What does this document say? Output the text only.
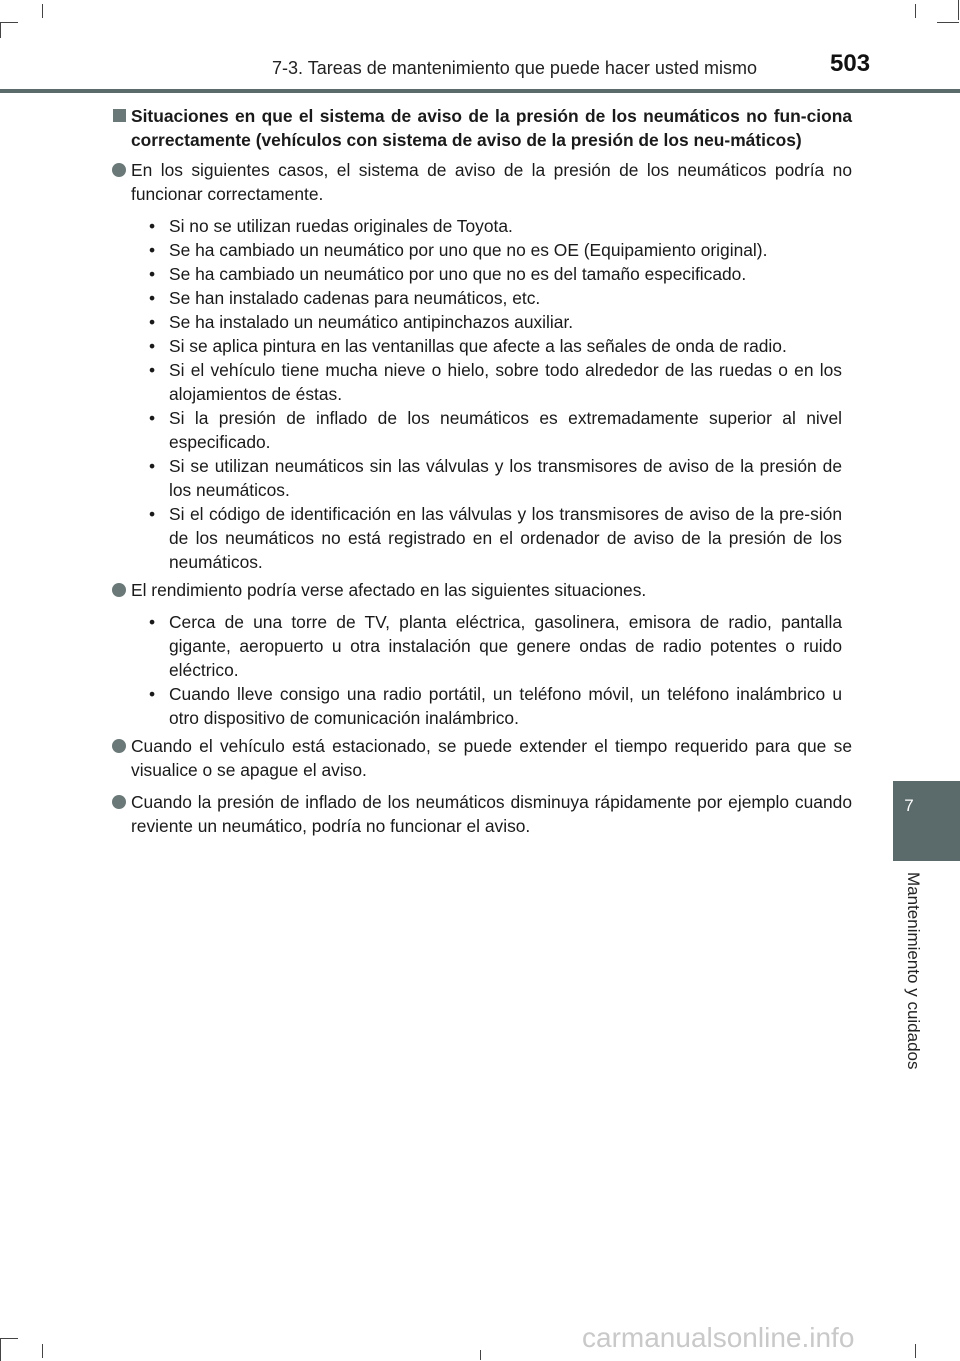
7-3. Tareas de mantenimiento que puede hacer usted mismo	503
7
Mantenimiento y cuidados
Situaciones en que el sistema de aviso de la presión de los neumáticos no fun-ciona correctamente (vehículos con sistema de aviso de la presión de los neu-máticos)
En los siguientes casos, el sistema de aviso de la presión de los neumáticos podría no funcionar correctamente.
• Si no se utilizan ruedas originales de Toyota.
• Se ha cambiado un neumático por uno que no es OE (Equipamiento original).
• Se ha cambiado un neumático por uno que no es del tamaño especificado.
• Se han instalado cadenas para neumáticos, etc.
• Se ha instalado un neumático antipinchazos auxiliar.
• Si se aplica pintura en las ventanillas que afecte a las señales de onda de radio.
• Si el vehículo tiene mucha nieve o hielo, sobre todo alrededor de las ruedas o en los alojamientos de éstas.
• Si la presión de inflado de los neumáticos es extremadamente superior al nivel especificado.
• Si se utilizan neumáticos sin las válvulas y los transmisores de aviso de la presión de los neumáticos.
• Si el código de identificación en las válvulas y los transmisores de aviso de la pre-sión de los neumáticos no está registrado en el ordenador de aviso de la presión de los neumáticos.
El rendimiento podría verse afectado en las siguientes situaciones.
• Cerca de una torre de TV, planta eléctrica, gasolinera, emisora de radio, pantalla gigante, aeropuerto u otra instalación que genere ondas de radio potentes o ruido eléctrico.
• Cuando lleve consigo una radio portátil, un teléfono móvil, un teléfono inalámbrico u otro dispositivo de comunicación inalámbrico.
Cuando el vehículo está estacionado, se puede extender el tiempo requerido para que se visualice o se apague el aviso.
Cuando la presión de inflado de los neumáticos disminuya rápidamente por ejemplo cuando reviente un neumático, podría no funcionar el aviso.
carmanualsonline.info
